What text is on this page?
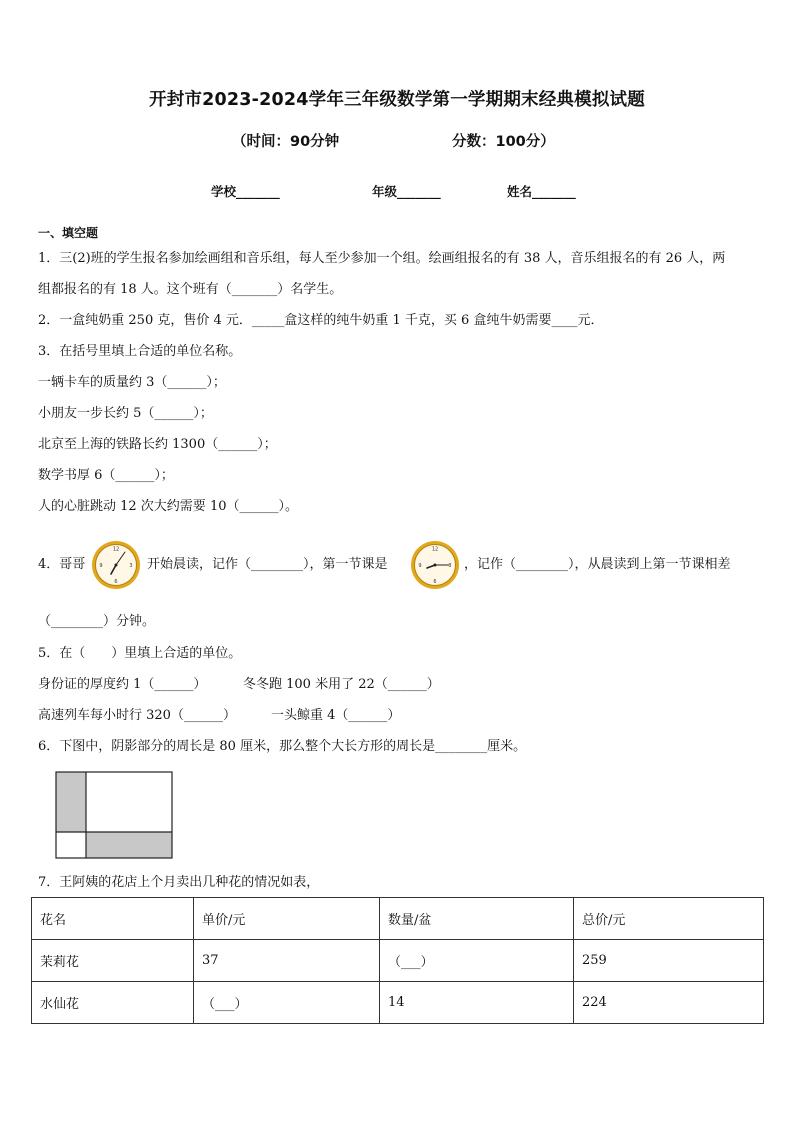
开封市2023-2024学年三年级数学第一学期期末经典模拟试题
（时间：90分钟	分数：100分）
学校_______	年级_______	姓名_______
一、填空题
1．三(2)班的学生报名参加绘画组和音乐组，每人至少参加一个组。绘画组报名的有 38 人，音乐组报名的有 26 人，两
组都报名的有 18 人。这个班有（_______）名学生。
2．一盒纯奶重 250 克，售价 4 元．_____盒这样的纯牛奶重 1 千克，买 6 盒纯牛奶需要____元．
3．在括号里填上合适的单位名称。
一辆卡车的质量约 3（______）；
小朋友一步长约 5（______）；
北京至上海的铁路长约 1300（______）；
数学书厚 6（______）；
人的心脏跳动 12 次大约需要 10（______）。
4．哥哥
12
3
6
9	开始晨读，记作（________），第一节课是
12
3
6
9	，记作（________），从晨读到上第一节课相差
（________）分钟。
5．在（　　）里填上合适的单位。
身份证的厚度约 1（______）	冬冬跑 100 米用了 22（______）
高速列车每小时行 320（______）	一头鲸重 4（______）
6．下图中，阴影部分的周长是 80 厘米，那么整个大长方形的周长是________厘米。
7．王阿姨的花店上个月卖出几种花的情况如表，
花名	单价/元	数量/盆	总价/元
茉莉花	37	（___）	259
水仙花	（___）	14	224
